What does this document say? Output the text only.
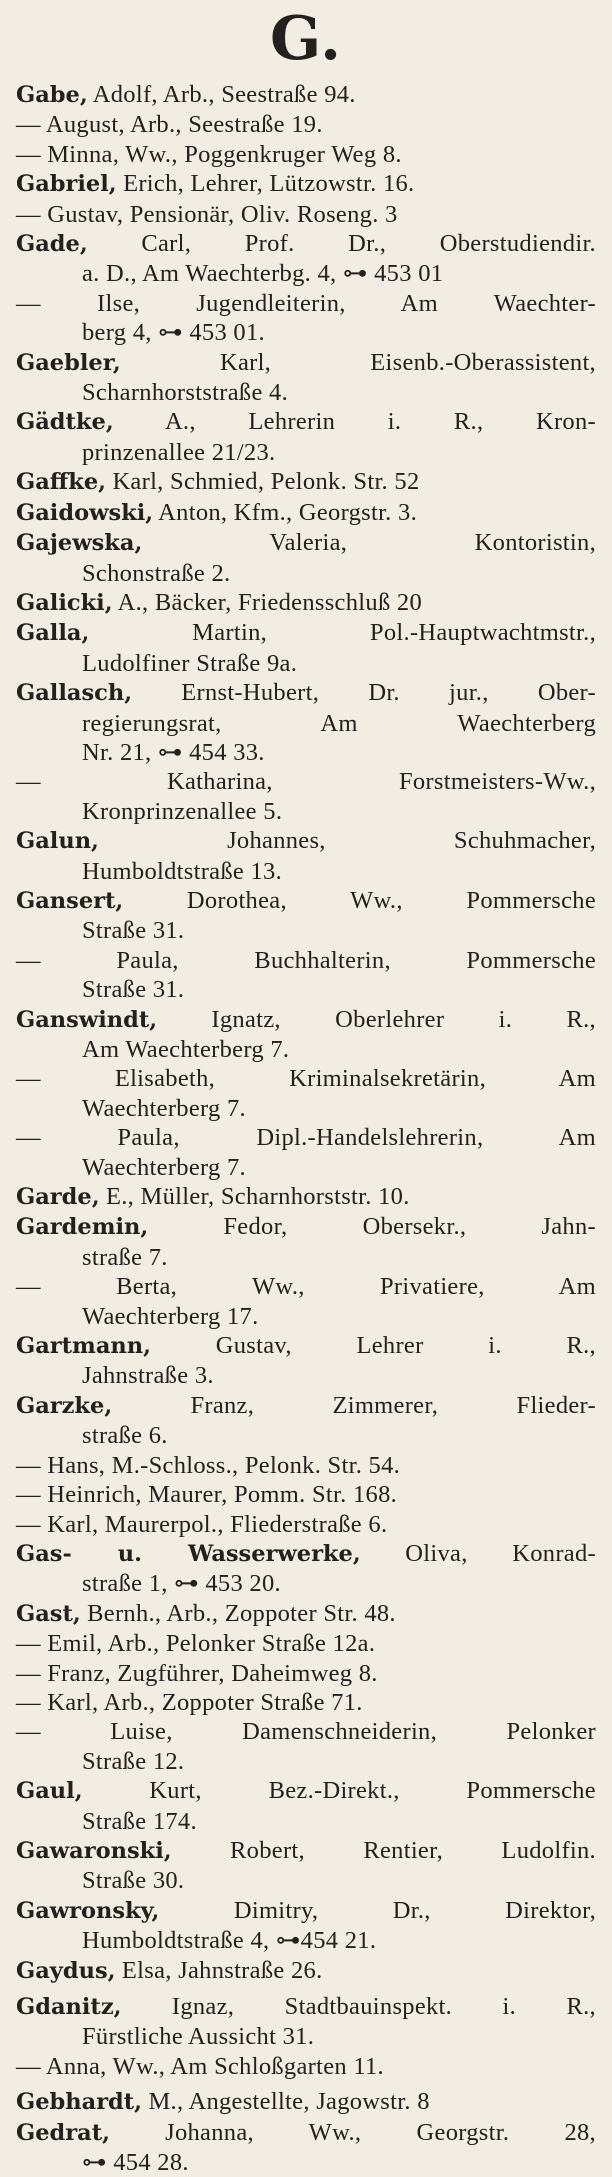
G.
Gabe, Adolf, Arb., Seestraße 94.
— August, Arb., Seestraße 19.
— Minna, Ww., Poggenkruger Weg 8.
Gabriel, Erich, Lehrer, Lützowstr. 16.
— Gustav, Pensionär, Oliv. Roseng. 3
Gade, Carl, Prof. Dr., Oberstudiendir.
a. D., Am Waechterbg. 4, ⊶ 453 01
— Ilse, Jugendleiterin, Am Waechter-
berg 4, ⊶ 453 01.
Gaebler,	Karl, Eisenb.-Oberassistent,
Scharnhorststraße 4.
Gädtke, A., Lehrerin i. R., Kron-
prinzenallee 21/23.
Gaffke, Karl, Schmied, Pelonk. Str. 52
Gaidowski, Anton, Kfm., Georgstr. 3.
Gajewska,	Valeria, Kontoristin,
Schonstraße 2.
Galicki, A., Bäcker, Friedensschluß 20
Galla,	Martin, Pol.-Hauptwachtmstr.,
Ludolfiner Straße 9a.
Gallasch, Ernst-Hubert, Dr. jur., Ober-
regierungsrat, Am Waechterberg
Nr. 21, ⊶ 454 33.
— Katharina, Forstmeisters-Ww.,
Kronprinzenallee 5.
Galun,	Johannes, Schuhmacher,
Humboldtstraße 13.
Gansert,	Dorothea, Ww., Pommersche
Straße 31.
— Paula, Buchhalterin, Pommersche
Straße 31.
Ganswindt, Ignatz, Oberlehrer i. R.,
Am Waechterberg 7.
— Elisabeth, Kriminalsekretärin, Am
Waechterberg 7.
— Paula, Dipl.-Handelslehrerin, Am
Waechterberg 7.
Garde, E., Müller, Scharnhorststr. 10.
Gardemin,	Fedor, Obersekr., Jahn-
straße 7.
— Berta, Ww., Privatiere, Am
Waechterberg 17.
Gartmann,	Gustav, Lehrer i. R.,
Jahnstraße 3.
Garzke,	Franz, Zimmerer, Flieder-
straße 6.
— Hans, M.-Schloss., Pelonk. Str. 54.
— Heinrich, Maurer, Pomm. Str. 168.
— Karl, Maurerpol., Fliederstraße 6.
Gas- u. Wasserwerke, Oliva, Konrad-
straße 1, ⊶ 453 20.
Gast, Bernh., Arb., Zoppoter Str. 48.
— Emil, Arb., Pelonker Straße 12a.
— Franz, Zugführer, Daheimweg 8.
— Karl, Arb., Zoppoter Straße 71.
— Luise, Damenschneiderin, Pelonker
Straße 12.
Gaul,	Kurt, Bez.-Direkt., Pommersche
Straße 174.
Gawaronski, Robert, Rentier, Ludolfin.
Straße 30.
Gawronsky,	Dimitry, Dr., Direktor,
Humboldtstraße 4, ⊶454 21.
Gaydus, Elsa, Jahnstraße 26.
Gdanitz, Ignaz, Stadtbauinspekt. i. R.,
Fürstliche Aussicht 31.
— Anna, Ww., Am Schloßgarten 11.
Gebhardt, M., Angestellte, Jagowstr. 8
Gedrat, Johanna, Ww., Georgstr. 28,
⊶ 454 28.
